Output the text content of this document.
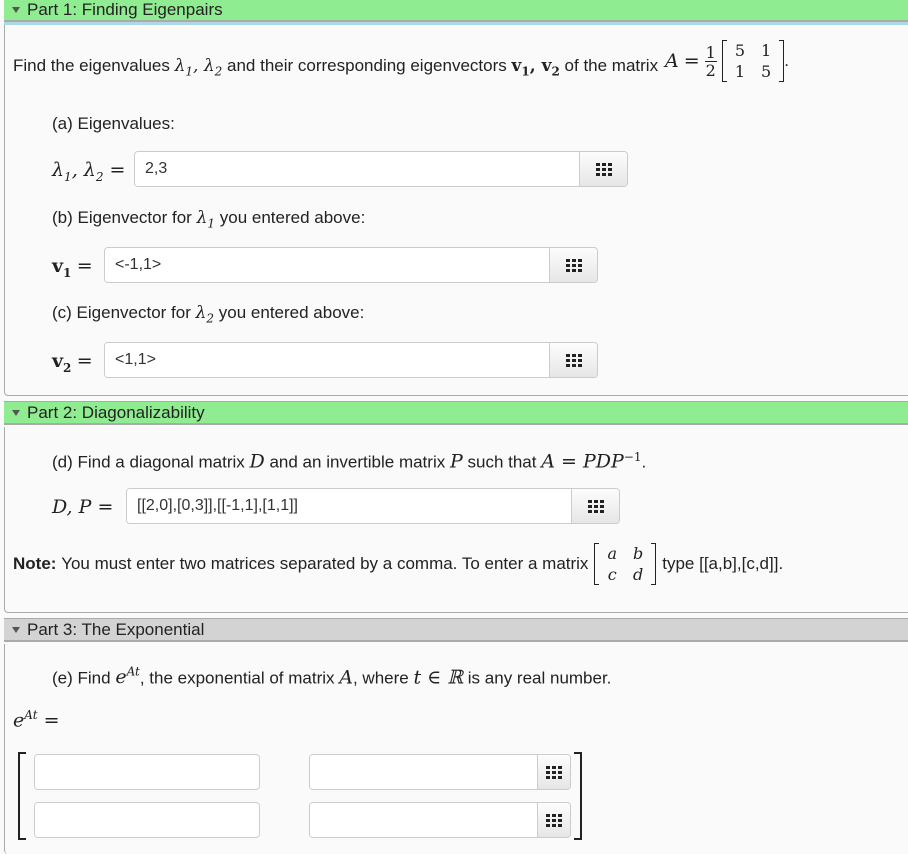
Part 1: Finding Eigenpairs
Find the eigenvalues $\lambda_1$, $\lambda_2$ and their corresponding eigenvectors $v_1$, $v_2$ of the matrix $A = \frac{1}{2} 5$	1
1	5
.
(a) Eigenvalues:
$\lambda_1$, $\lambda_2$ =
2,3
(b) Eigenvector for $\lambda_1$ you entered above:
$v_1$ =
<-1,1>
(c) Eigenvector for $\lambda_2$ you entered above:
$v_2$ =
<1,1>
Part 2: Diagonalizability
(d) Find a diagonal matrix D and an invertible matrix P such that $A = PDP^{-1}$.
D, P =
[[2,0],[0,3]],[[-1,1],[1,1]]
Note:
You must enter two matrices separated by a comma. To enter a matrix
a	b
c	d
type [[a,b],[c,d]].
Part 3: The Exponential
(e) Find $e^{At}$, the exponential of matrix A, where t ∈ ℝ is any real number.
$e^{At}$ =
